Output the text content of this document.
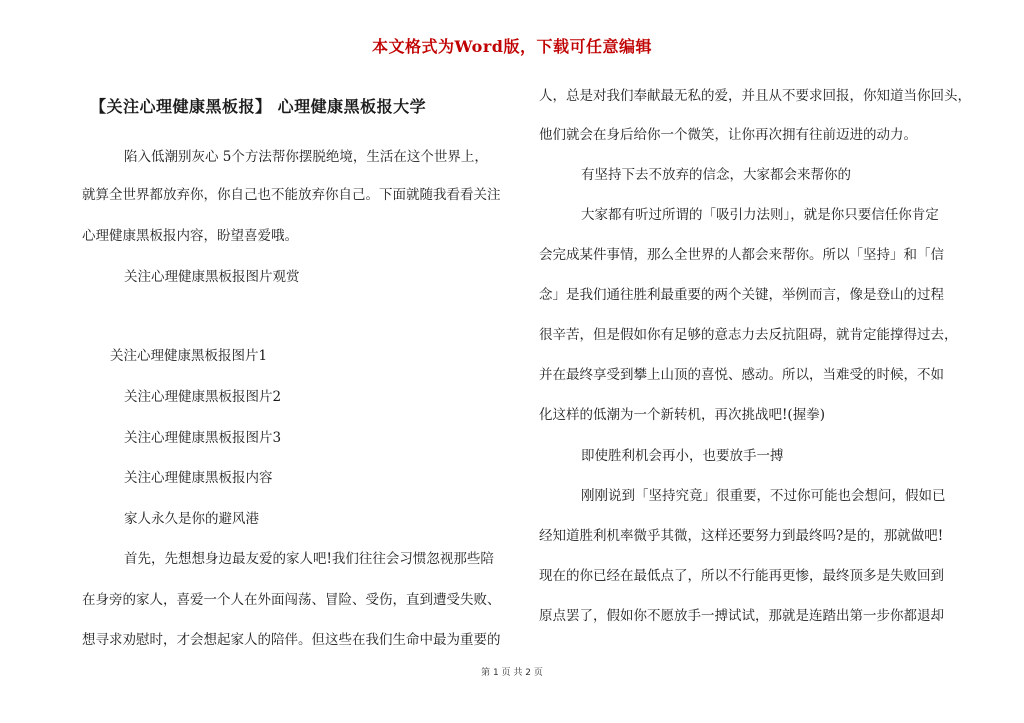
本文格式为Word版，下载可任意编辑
【关注心理健康黑板报】 心理健康黑板报大学
陷入低潮别灰心 5个方法帮你摆脱绝境，生活在这个世界上，
就算全世界都放弃你，你自己也不能放弃你自己。下面就随我看看关注
心理健康黑板报内容，盼望喜爱哦。
关注心理健康黑板报图片观赏
关注心理健康黑板报图片1
关注心理健康黑板报图片2
关注心理健康黑板报图片3
关注心理健康黑板报内容
家人永久是你的避风港
首先，先想想身边最友爱的家人吧!我们往往会习惯忽视那些陪
在身旁的家人，喜爱一个人在外面闯荡、冒险、受伤，直到遭受失败、
想寻求劝慰时，才会想起家人的陪伴。但这些在我们生命中最为重要的
人，总是对我们奉献最无私的爱，并且从不要求回报，你知道当你回头，
他们就会在身后给你一个微笑，让你再次拥有往前迈进的动力。
有坚持下去不放弃的信念，大家都会来帮你的
大家都有听过所谓的「吸引力法则」，就是你只要信任你肯定
会完成某件事情，那么全世界的人都会来帮你。所以「坚持」和「信
念」是我们通往胜利最重要的两个关键，举例而言，像是登山的过程
很辛苦，但是假如你有足够的意志力去反抗阻碍，就肯定能撑得过去，
并在最终享受到攀上山顶的喜悦、感动。所以，当难受的时候，不如
化这样的低潮为一个新转机，再次挑战吧!(握拳)
即使胜利机会再小，也要放手一搏
刚刚说到「坚持究竟」很重要，不过你可能也会想问，假如已
经知道胜利机率微乎其微，这样还要努力到最终吗?是的，那就做吧!
现在的你已经在最低点了，所以不行能再更惨，最终顶多是失败回到
原点罢了，假如你不愿放手一搏试试，那就是连踏出第一步你都退却
第 1 页 共 2 页
